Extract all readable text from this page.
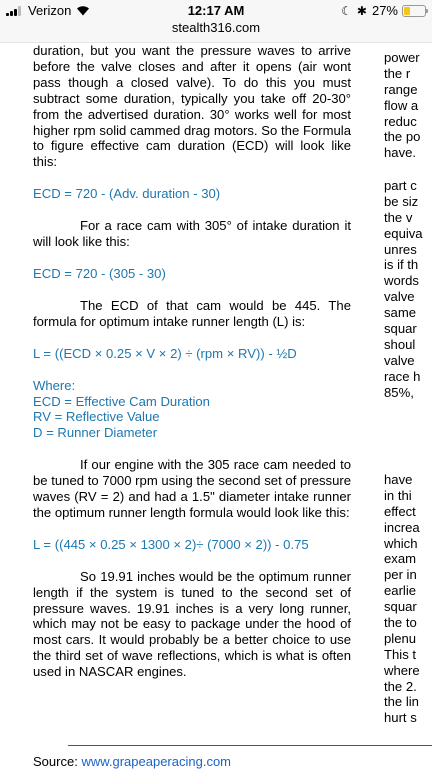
Verizon	12:17 AM	☾ ✱ 27%
stealth316.com

duration, but you want the pressure waves to arrive before the valve closes and after it opens (air wont pass though a closed valve). To do this you must subtract some duration, typically you take off 20-30° from the advertised duration. 30° works well for most higher rpm solid cammed drag motors. So the Formula to figure effective cam duration (ECD) will look like this:

ECD = 720 - (Adv. duration - 30)

For a race cam with 305° of intake duration it will look like this:

ECD = 720 - (305 - 30)

The ECD of that cam would be 445. The formula for optimum intake runner length (L) is:

L = ((ECD × 0.25 × V × 2) ÷ (rpm × RV)) - ½D

Where:

ECD = Effective Cam Duration

RV = Reflective Value

D = Runner Diameter

If our engine with the 305 race cam needed to be tuned to 7000 rpm using the second set of pressure waves (RV = 2) and had a 1.5" diameter intake runner the optimum runner length formula would look like this:

L = ((445 × 0.25 × 1300 × 2)÷ (7000 × 2)) - 0.75

So 19.91 inches would be the optimum runner length if the system is tuned to the second set of pressure waves. 19.91 inches is a very long runner, which may not be easy to package under the hood of most cars. It would probably be a better choice to use the third set of wave reflections, which is what is often used in NASCAR engines.

power
the r
range
flow a
reduc
the po
have.
part c
be siz
the v
equiva
unres
is if th
words
valve
same
squar
shoul
valve
race h
85%,
have
in thi
effect
increa
which
exam
per in
earlie
squar
the to
plenu
This t
where
the 2.
the lin
hurt s
Source: www.grapeaperacing.com
